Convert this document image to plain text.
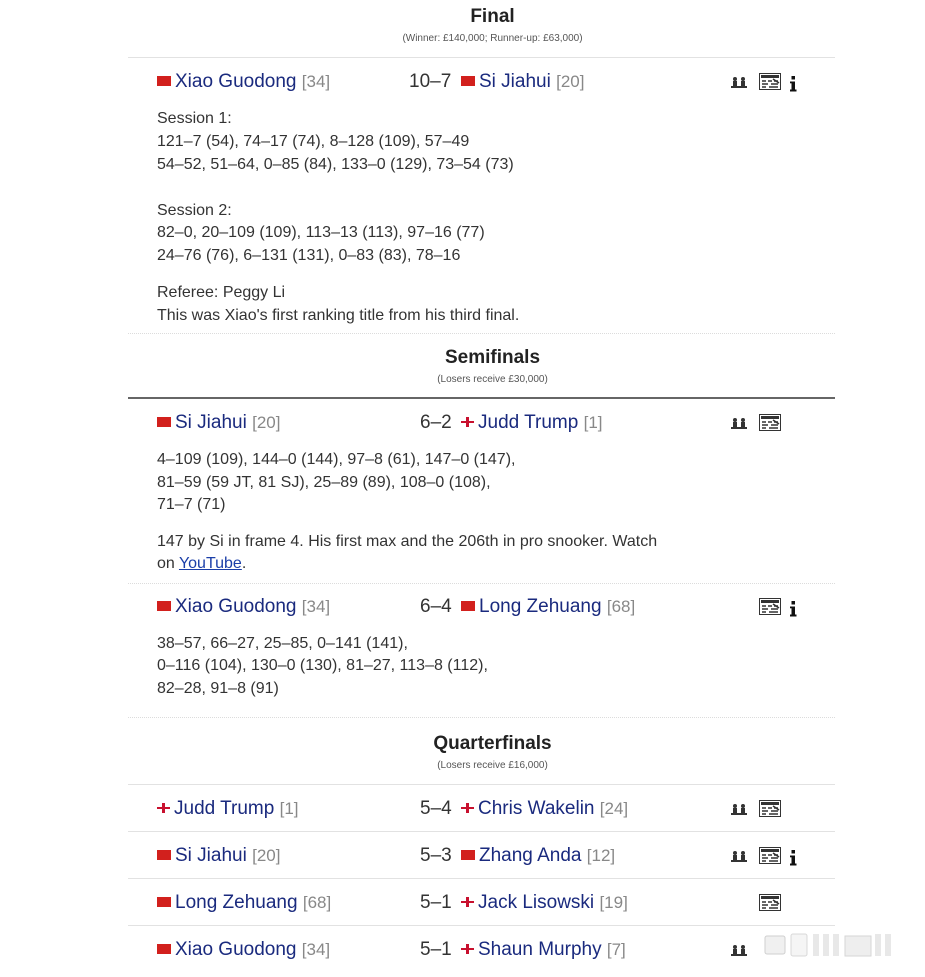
Final
(Winner: £140,000; Runner-up: £63,000)
Xiao Guodong [34]	10–7	Si Jiahui [20]
Session 1:
121–7 (54), 74–17 (74), 8–128 (109), 57–49
54–52, 51–64, 0–85 (84), 133–0 (129), 73–54 (73)
Session 2:
82–0, 20–109 (109), 113–13 (113), 97–16 (77)
24–76 (76), 6–131 (131), 0–83 (83), 78–16
Referee: Peggy Li
This was Xiao's first ranking title from his third final.
Semifinals
(Losers receive £30,000)
Si Jiahui [20]	6–2	Judd Trump [1]
4–109 (109), 144–0 (144), 97–8 (61), 147–0 (147),
81–59 (59 JT, 81 SJ), 25–89 (89), 108–0 (108),
71–7 (71)
147 by Si in frame 4. His first max and the 206th in pro snooker. Watch
on YouTube.
Xiao Guodong [34]	6–4	Long Zehuang [68]
38–57, 66–27, 25–85, 0–141 (141),
0–116 (104), 130–0 (130), 81–27, 113–8 (112),
82–28, 91–8 (91)
Quarterfinals
(Losers receive £16,000)
Judd Trump [1]	5–4	Chris Wakelin [24]
Si Jiahui [20]	5–3	Zhang Anda [12]
Long Zehuang [68]	5–1	Jack Lisowski [19]
Xiao Guodong [34]	5–1	Shaun Murphy [7]
